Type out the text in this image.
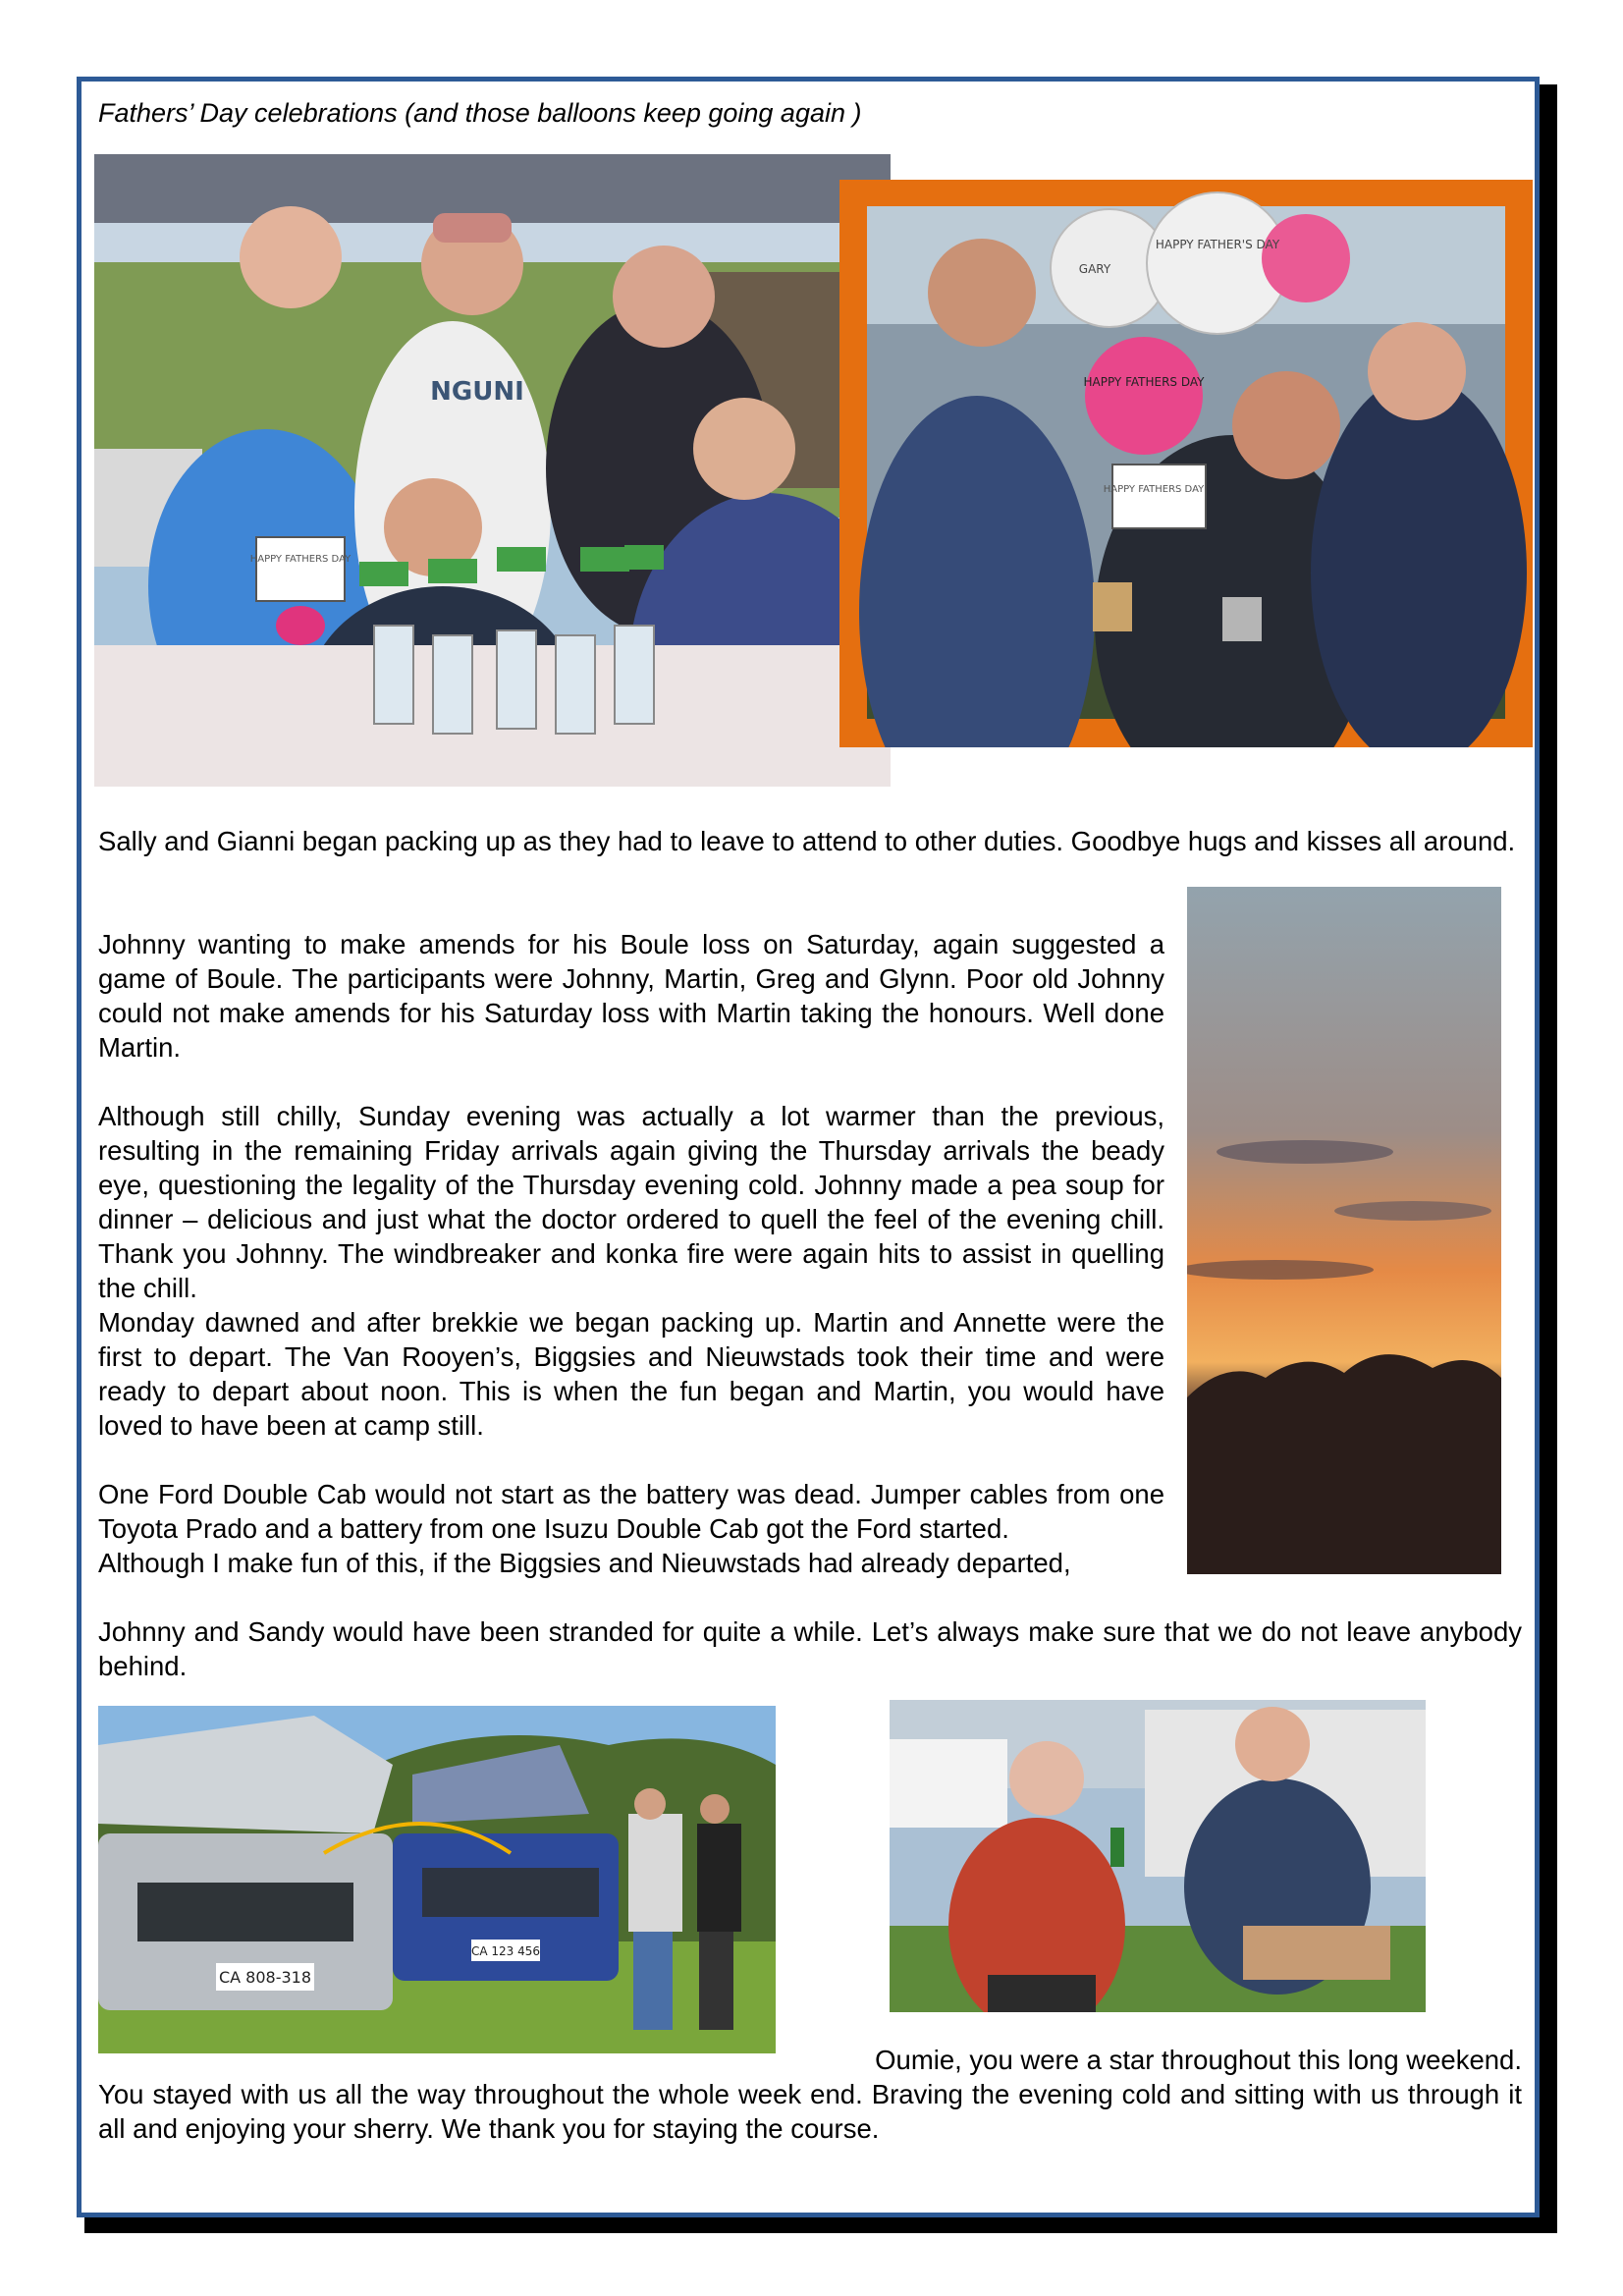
Fathers’ Day celebrations (and those balloons keep going again )
NGUNI
HAPPY FATHERS DAY
HAPPY FATHERS DAY
HAPPY FATHER'S DAY
HAPPY FATHERS DAY
GARY

Sally and Gianni began packing up as they had to leave to attend to other duties. Goodbye hugs and kisses all around.

Johnny wanting to make amends for his Boule loss on Saturday, again suggested a game of Boule. The participants were Johnny, Martin, Greg and Glynn. Poor old Johnny could not make amends for his Saturday loss with Martin taking the honours. Well done Martin.

Although still chilly, Sunday evening was actually a lot warmer than the previous, resulting in the remaining Friday arrivals again giving the Thursday arrivals the beady eye, questioning the legality of the Thursday evening cold. Johnny made a pea soup for dinner – delicious and just what the doctor ordered to quell the feel of the evening chill. Thank you Johnny. The windbreaker and konka fire were again hits to assist in quelling the chill.

Monday dawned and after brekkie we began packing up. Martin and Annette were the first to depart. The Van Rooyen’s, Biggsies and Nieuwstads took their time and were ready to depart about noon. This is when the fun began and Martin, you would have loved to have been at camp still.

One Ford Double Cab would not start as the battery was dead. Jumper cables from one Toyota Prado and a battery from one Isuzu Double Cab got the Ford started.

Although I make fun of this, if the Biggsies and Nieuwstads had already departed,

Johnny and Sandy would have been stranded for quite a while. Let’s always make sure that we do not leave anybody behind.

CA 808-318
CA 123 456

Oumie, you were a star throughout this long weekend.

You stayed with us all the way throughout the whole week end. Braving the evening cold and sitting with us through it all and enjoying your sherry. We thank you for staying the course.
